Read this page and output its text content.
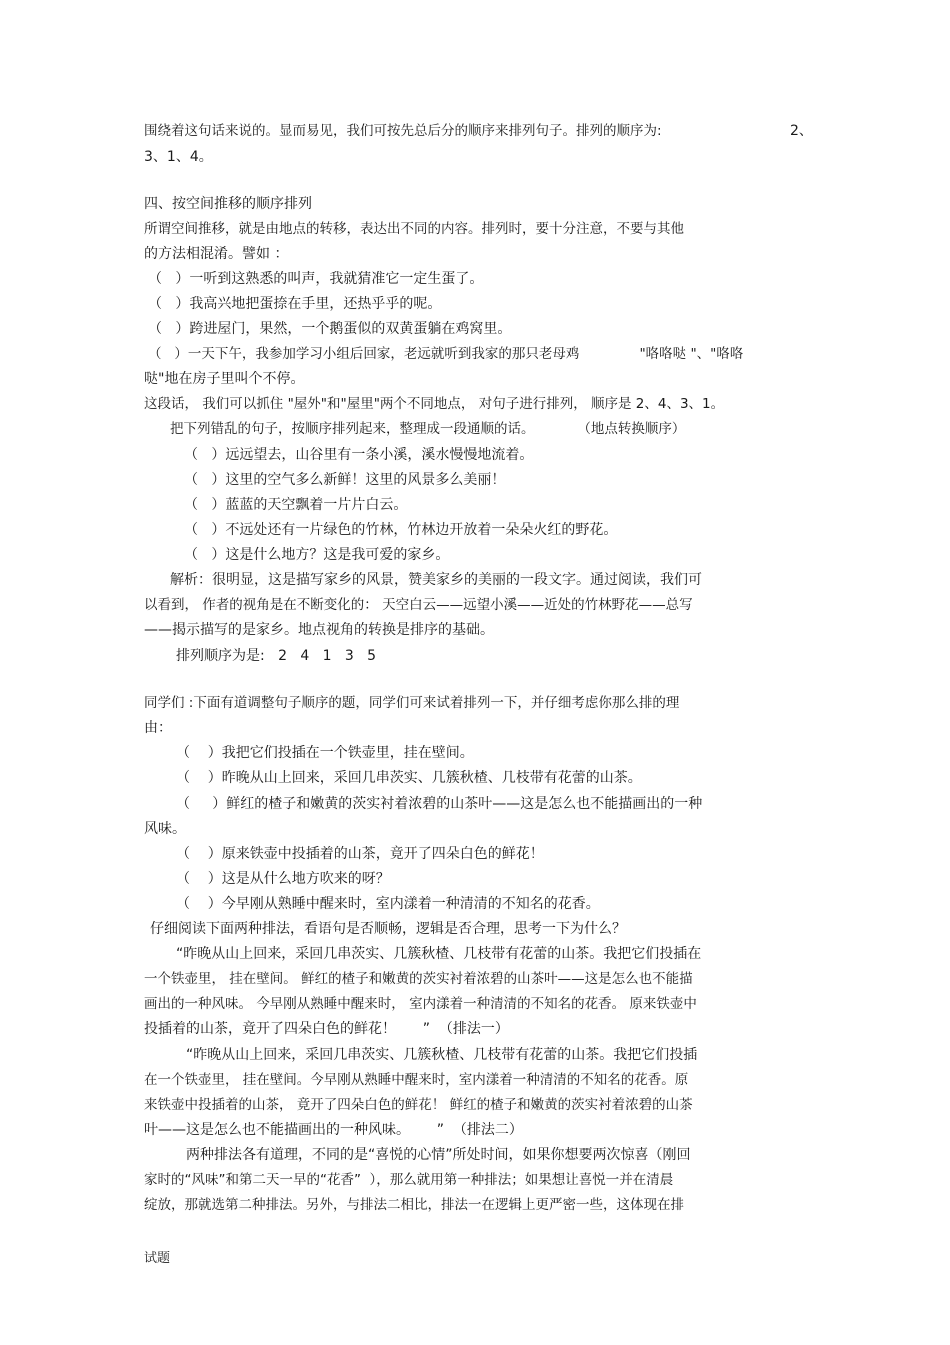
围绕着这句话来说的。显而易见，我们可按先总后分的顺序来排列句子。排列的顺序为:	2、
3、1、4。
四、按空间推移的顺序排列
所谓空间推移，就是由地点的转移，表达出不同的内容。排列时，要十分注意，不要与其他
的方法相混淆。譬如 ：
（   ）一听到这熟悉的叫声，我就猜准它一定生蛋了。
（   ）我高兴地把蛋捺在手里，还热乎乎的呢。
（   ）跨进屋门，果然，一个鹅蛋似的双黄蛋躺在鸡窝里。
（   ）一天下午，我参加学习小组后回家，老远就听到我家的那只老母鸡              "咯咯哒 "、"咯咯
哒"地在房子里叫个不停。
这段话， 我们可以抓住 "屋外"和"屋里"两个不同地点， 对句子进行排列， 顺序是 2、4、3、1。
把下列错乱的句子，按顺序排列起来，整理成一段通顺的话。          （地点转换顺序）
（   ）远远望去，山谷里有一条小溪，溪水慢慢地流着。
（   ）这里的空气多么新鲜！这里的风景多么美丽！
（   ）蓝蓝的天空飘着一片片白云。
（   ）不远处还有一片绿色的竹林，竹林边开放着一朵朵火红的野花。
（   ）这是什么地方？这是我可爱的家乡。
解析：很明显，这是描写家乡的风景，赞美家乡的美丽的一段文字。通过阅读，我们可
以看到， 作者的视角是在不断变化的： 天空白云——远望小溪——近处的竹林野花——总写
——揭示描写的是家乡。地点视角的转换是排序的基础。
排列顺序为是:   2   4   1   3   5
同学们 :下面有道调整句子顺序的题，同学们可来试着排列一下，并仔细考虑你那么排的理
由：
（    ）我把它们投插在一个铁壶里，挂在壁间。
（    ）昨晚从山上回来，采回几串茨实、几簇秋楂、几枝带有花蕾的山茶。
（     ）鲜红的楂子和嫩黄的茨实衬着浓碧的山茶叶——这是怎么也不能描画出的一种
风味。
（    ）原来铁壶中投插着的山茶，竟开了四朵白色的鲜花！
（    ）这是从什么地方吹来的呀？
（    ）今早刚从熟睡中醒来时，室内漾着一种清清的不知名的花香。
仔细阅读下面两种排法，看语句是否顺畅，逻辑是否合理，思考一下为什么？
“昨晚从山上回来，采回几串茨实、几簇秋楂、几枝带有花蕾的山茶。我把它们投插在
一个铁壶里， 挂在壁间。 鲜红的楂子和嫩黄的茨实衬着浓碧的山茶叶——这是怎么也不能描
画出的一种风味。 今早刚从熟睡中醒来时， 室内漾着一种清清的不知名的花香。 原来铁壶中
投插着的山茶，竟开了四朵白色的鲜花！      ”  （排法一）
“昨晚从山上回来，采回几串茨实、几簇秋楂、几枝带有花蕾的山茶。我把它们投插
在一个铁壶里， 挂在壁间。今早刚从熟睡中醒来时，室内漾着一种清清的不知名的花香。原
来铁壶中投插着的山茶， 竟开了四朵白色的鲜花！ 鲜红的楂子和嫩黄的茨实衬着浓碧的山茶
叶——这是怎么也不能描画出的一种风味。      ”  （排法二）
两种排法各有道理，不同的是“喜悦的心情”所处时间，如果你想要两次惊喜（刚回
家时的“风味”和第二天一早的“花香”  ），那么就用第一种排法；如果想让喜悦一并在清晨
绽放，那就选第二种排法。另外，与排法二相比，排法一在逻辑上更严密一些，这体现在排
试题
